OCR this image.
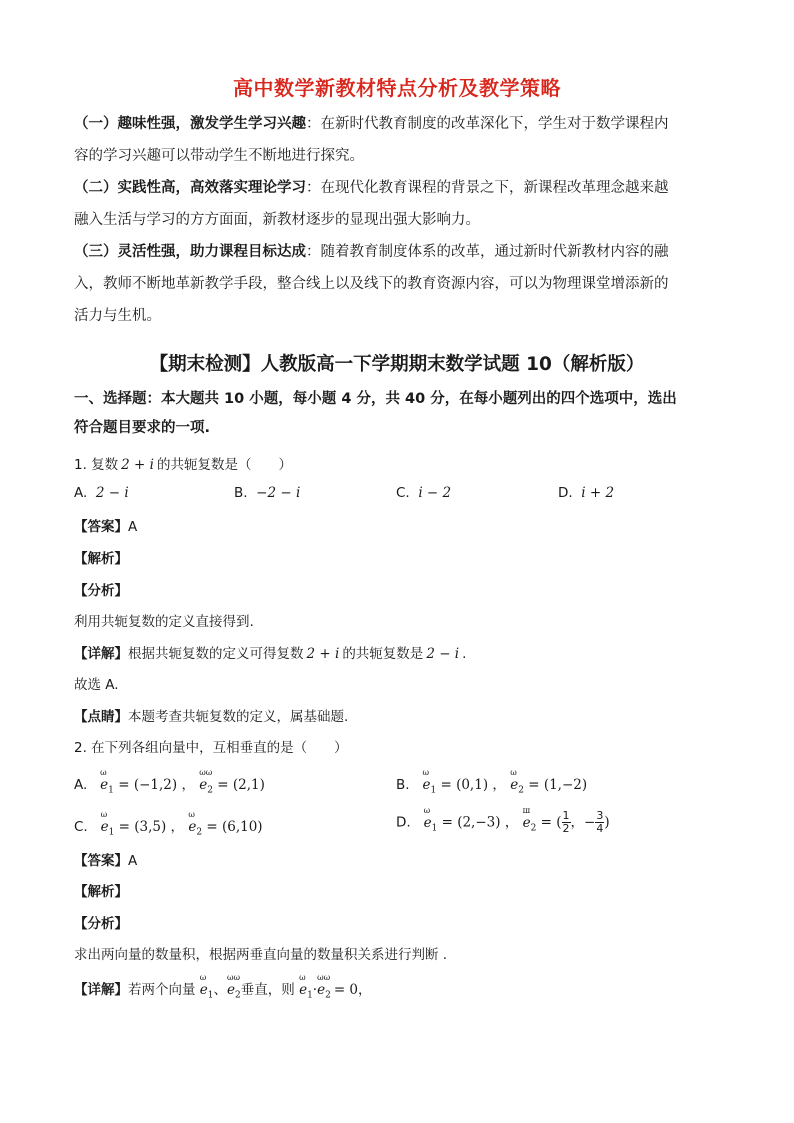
高中数学新教材特点分析及教学策略
（一）趣味性强，激发学生学习兴趣：在新时代教育制度的改革深化下，学生对于数学课程内
容的学习兴趣可以带动学生不断地进行探究。
（二）实践性高，高效落实理论学习：在现代化教育课程的背景之下，新课程改革理念越来越
融入生活与学习的方方面面，新教材逐步的显现出强大影响力。
（三）灵活性强，助力课程目标达成：随着教育制度体系的改革，通过新时代新教材内容的融
入，教师不断地革新教学手段，整合线上以及线下的教育资源内容，可以为物理课堂增添新的
活力与生机。
【期末检测】人教版高一下学期期末数学试题 10（解析版）
一、选择题：本大题共 10 小题，每小题 4 分，共 40 分，在每小题列出的四个选项中，选出
符合题目要求的一项.
1. 复数 2 + i 的共轭复数是（　　）
A. 2 − i	B. −2 − i	C. i − 2	D. i + 2
【答案】A
【解析】
【分析】
利用共轭复数的定义直接得到.
【详解】根据共轭复数的定义可得复数 2 + i 的共轭复数是 2 − i .
故选 A.
【点睛】本题考查共轭复数的定义，属基础题.
2. 在下列各组向量中，互相垂直的是（　　）
A.
ω
$e_1 = (-1,2)$ ，
ωω
$e_2 = (2,1)$	B.
ω
$e_1 = (0,1)$ ，
ω
$e_2 = (1,-2)$
C.
ω
$e_1 = (3,5)$ ，
ω
$e_2 = (6,10)$	D.
ω
$e_1 = (2,-3)$ ，
ш
$e_2$ = ( $\frac{1}{2}$ ，− $\frac{3}{4}$ )
【答案】A
【解析】
【分析】
求出两向量的数量积，根据两垂直向量的数量积关系进行判断 .
【详解】若两个向量
ω
$e_1$、
ωω
$e_2$垂直，则
ω
$e_1\cdot$
ωω
$e_2 = 0$，
